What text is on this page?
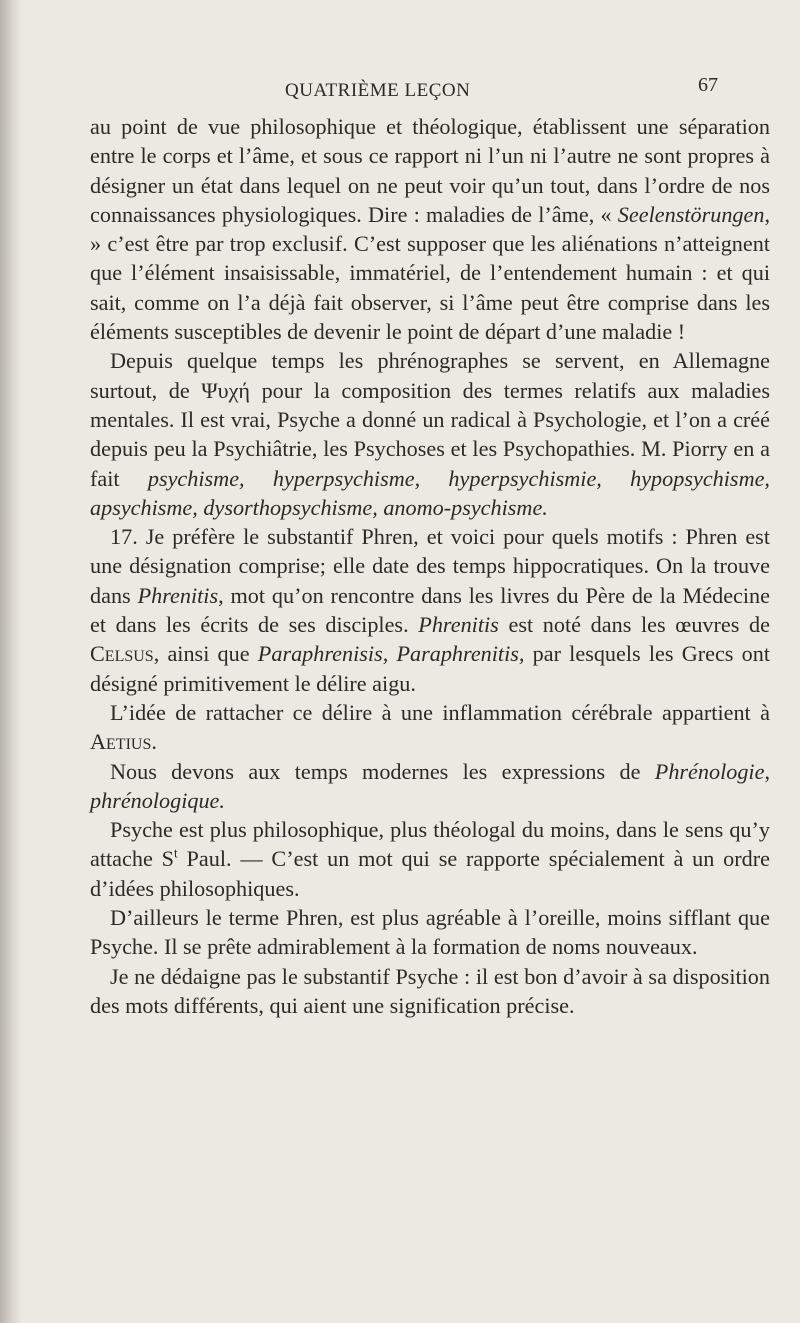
QUATRIÈME LEÇON	67

au point de vue philosophique et théologique, établissent une séparation entre le corps et l’âme, et sous ce rapport ni l’un ni l’autre ne sont propres à désigner un état dans lequel on ne peut voir qu’un tout, dans l’ordre de nos connaissances physiologiques. Dire : maladies de l’âme, « Seelenstörungen, » c’est être par trop exclusif. C’est supposer que les aliénations n’atteignent que l’élément insaisissable, immatériel, de l’entendement humain : et qui sait, comme on l’a déjà fait observer, si l’âme peut être comprise dans les éléments susceptibles de devenir le point de départ d’une maladie !

Depuis quelque temps les phrénographes se servent, en Allemagne surtout, de Ψυχή pour la composition des termes relatifs aux maladies mentales. Il est vrai, Psyche a donné un radical à Psychologie, et l’on a créé depuis peu la Psychiâtrie, les Psychoses et les Psychopathies. M. Piorry en a fait psychisme, hyperpsychisme, hyperpsychismie, hypopsychisme, apsychisme, dysorthopsychisme, anomo-psychisme.

17. Je préfère le substantif Phren, et voici pour quels motifs : Phren est une désignation comprise; elle date des temps hippocratiques. On la trouve dans Phrenitis, mot qu’on rencontre dans les livres du Père de la Médecine et dans les écrits de ses disciples. Phrenitis est noté dans les œuvres de Celsus, ainsi que Paraphrenisis, Paraphrenitis, par lesquels les Grecs ont désigné primitivement le délire aigu.

L’idée de rattacher ce délire à une inflammation cérébrale appartient à Aetius.

Nous devons aux temps modernes les expressions de Phrénologie, phrénologique.

Psyche est plus philosophique, plus théologal du moins, dans le sens qu’y attache $S^t$ Paul. — C’est un mot qui se rapporte spécialement à un ordre d’idées philosophiques.

D’ailleurs le terme Phren, est plus agréable à l’oreille, moins sifflant que Psyche. Il se prête admirablement à la formation de noms nouveaux.

Je ne dédaigne pas le substantif Psyche : il est bon d’avoir à sa disposition des mots différents, qui aient une signification précise.
